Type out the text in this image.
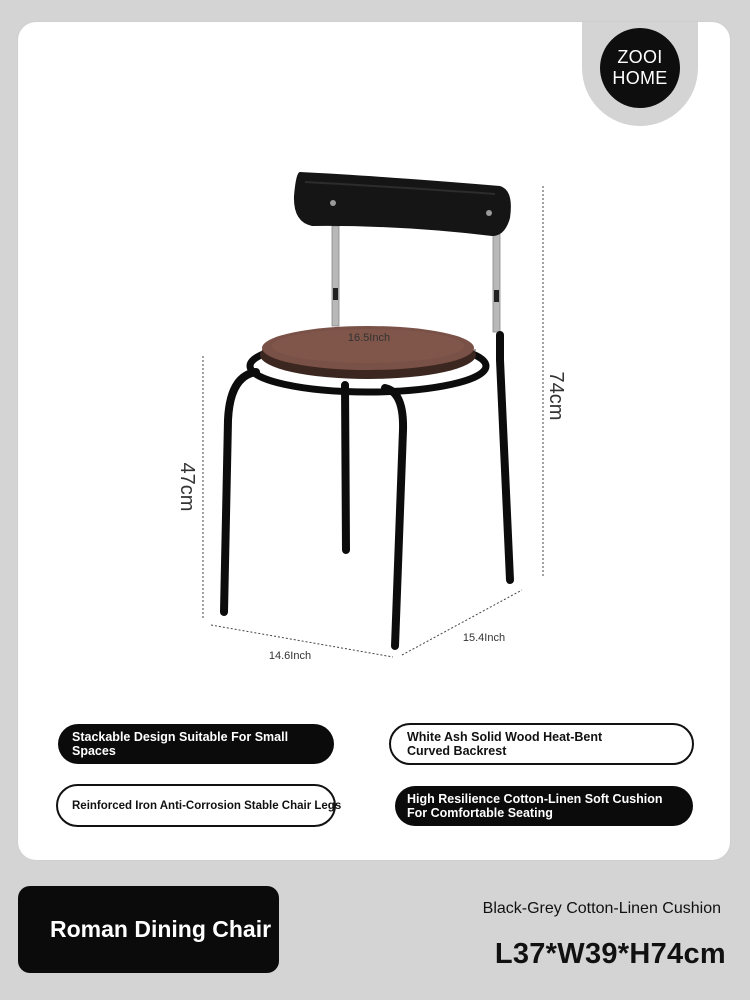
ZOOI
HOME
16.5Inch
74cm
47cm
14.6Inch
15.4Inch
Stackable Design Suitable For Small Spaces
White Ash Solid Wood Heat-Bent Curved Backrest
Reinforced Iron Anti-Corrosion Stable Chair Legs	High Resilience Cotton-Linen Soft Cushion For Comfortable Seating
Roman Dining Chair
Black-Grey Cotton-Linen Cushion
L37*W39*H74cm
